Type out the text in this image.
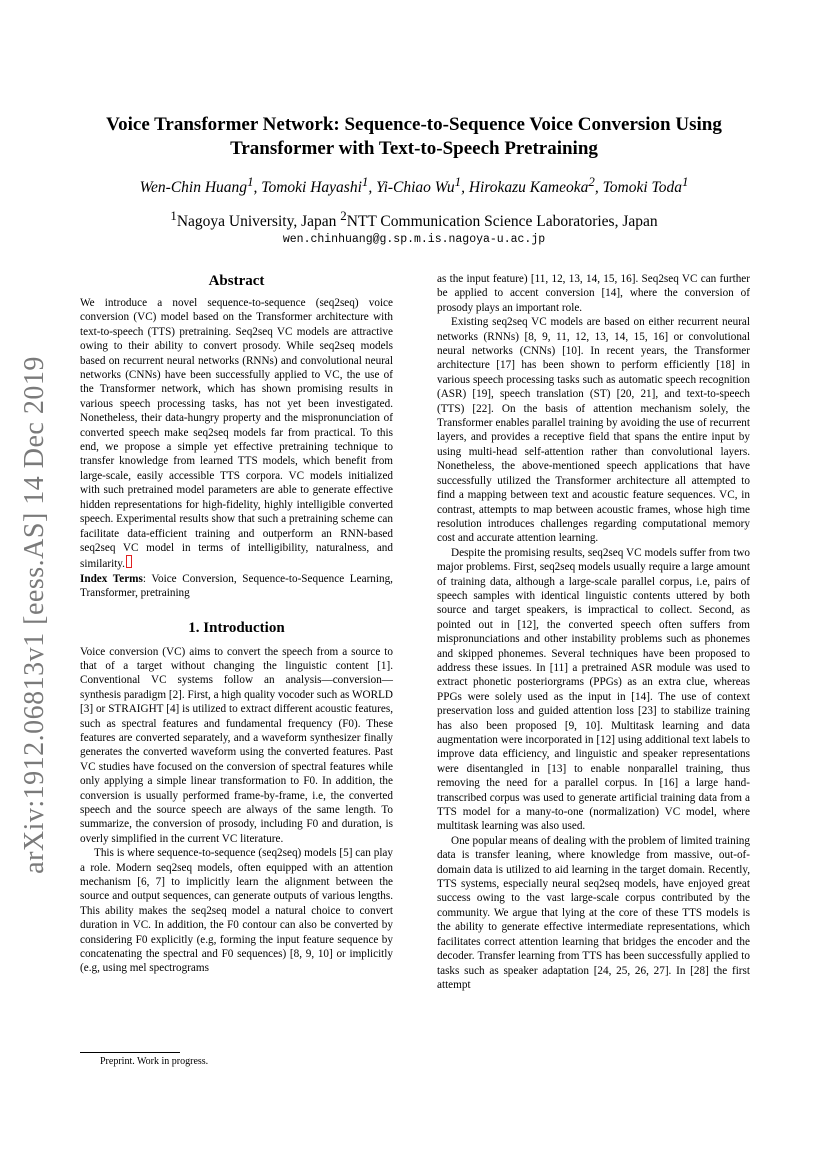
arXiv:1912.06813v1 [eess.AS] 14 Dec 2019
Voice Transformer Network: Sequence-to-Sequence Voice Conversion Using
Transformer with Text-to-Speech Pretraining
Wen-Chin Huang$^1$, Tomoki Hayashi$^1$, Yi-Chiao Wu$^1$, Hirokazu Kameoka$^2$, Tomoki Toda$^1$
$^1$Nagoya University, Japan $^2$NTT Communication Science Laboratories, Japan
wen.chinhuang@g.sp.m.is.nagoya-u.ac.jp
Abstract

We introduce a novel sequence-to-sequence (seq2seq) voice conversion (VC) model based on the Transformer architecture with text-to-speech (TTS) pretraining. Seq2seq VC models are attractive owing to their ability to convert prosody. While seq2seq models based on recurrent neural networks (RNNs) and convolutional neural networks (CNNs) have been successfully applied to VC, the use of the Transformer network, which has shown promising results in various speech processing tasks, has not yet been investigated. Nonetheless, their data-hungry property and the mispronunciation of converted speech make seq2seq models far from practical. To this end, we propose a simple yet effective pretraining technique to transfer knowledge from learned TTS models, which benefit from large-scale, easily accessible TTS corpora. VC models initialized with such pretrained model parameters are able to generate effective hidden representations for high-fidelity, highly intelligible converted speech. Experimental results show that such a pretraining scheme can facilitate data-efficient training and outperform an RNN-based seq2seq VC model in terms of intelligibility, naturalness, and similarity.

Index Terms: Voice Conversion, Sequence-to-Sequence Learning, Transformer, pretraining

1. Introduction

Voice conversion (VC) aims to convert the speech from a source to that of a target without changing the linguistic content [1]. Conventional VC systems follow an analysis—conversion—synthesis paradigm [2]. First, a high quality vocoder such as WORLD [3] or STRAIGHT [4] is utilized to extract different acoustic features, such as spectral features and fundamental frequency (F0). These features are converted separately, and a waveform synthesizer finally generates the converted waveform using the converted features. Past VC studies have focused on the conversion of spectral features while only applying a simple linear transformation to F0. In addition, the conversion is usually performed frame-by-frame, i.e, the converted speech and the source speech are always of the same length. To summarize, the conversion of prosody, including F0 and duration, is overly simplified in the current VC literature.

This is where sequence-to-sequence (seq2seq) models [5] can play a role. Modern seq2seq models, often equipped with an attention mechanism [6, 7] to implicitly learn the alignment between the source and output sequences, can generate outputs of various lengths. This ability makes the seq2seq model a natural choice to convert duration in VC. In addition, the F0 contour can also be converted by considering F0 explicitly (e.g, forming the input feature sequence by concatenating the spectral and F0 sequences) [8, 9, 10] or implicitly (e.g, using mel spectrograms

as the input feature) [11, 12, 13, 14, 15, 16]. Seq2seq VC can further be applied to accent conversion [14], where the conversion of prosody plays an important role.

Existing seq2seq VC models are based on either recurrent neural networks (RNNs) [8, 9, 11, 12, 13, 14, 15, 16] or convolutional neural networks (CNNs) [10]. In recent years, the Transformer architecture [17] has been shown to perform efficiently [18] in various speech processing tasks such as automatic speech recognition (ASR) [19], speech translation (ST) [20, 21], and text-to-speech (TTS) [22]. On the basis of attention mechanism solely, the Transformer enables parallel training by avoiding the use of recurrent layers, and provides a receptive field that spans the entire input by using multi-head self-attention rather than convolutional layers. Nonetheless, the above-mentioned speech applications that have successfully utilized the Transformer architecture all attempted to find a mapping between text and acoustic feature sequences. VC, in contrast, attempts to map between acoustic frames, whose high time resolution introduces challenges regarding computational memory cost and accurate attention learning.

Despite the promising results, seq2seq VC models suffer from two major problems. First, seq2seq models usually require a large amount of training data, although a large-scale parallel corpus, i.e, pairs of speech samples with identical linguistic contents uttered by both source and target speakers, is impractical to collect. Second, as pointed out in [12], the converted speech often suffers from mispronunciations and other instability problems such as phonemes and skipped phonemes. Several techniques have been proposed to address these issues. In [11] a pretrained ASR module was used to extract phonetic posteriorgrams (PPGs) as an extra clue, whereas PPGs were solely used as the input in [14]. The use of context preservation loss and guided attention loss [23] to stabilize training has also been proposed [9, 10]. Multitask learning and data augmentation were incorporated in [12] using additional text labels to improve data efficiency, and linguistic and speaker representations were disentangled in [13] to enable nonparallel training, thus removing the need for a parallel corpus. In [16] a large hand-transcribed corpus was used to generate artificial training data from a TTS model for a many-to-one (normalization) VC model, where multitask learning was also used.

One popular means of dealing with the problem of limited training data is transfer leaning, where knowledge from massive, out-of-domain data is utilized to aid learning in the target domain. Recently, TTS systems, especially neural seq2seq models, have enjoyed great success owing to the vast large-scale corpus contributed by the community. We argue that lying at the core of these TTS models is the ability to generate effective intermediate representations, which facilitates correct attention learning that bridges the encoder and the decoder. Transfer learning from TTS has been successfully applied to tasks such as speaker adaptation [24, 25, 26, 27]. In [28] the first attempt

Preprint. Work in progress.
